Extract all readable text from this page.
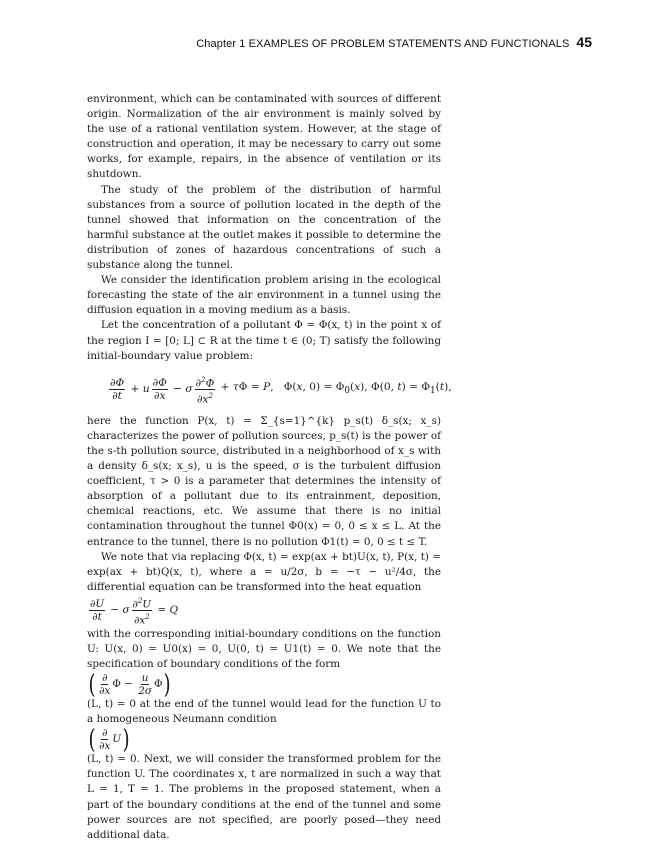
Chapter 1 EXAMPLES OF PROBLEM STATEMENTS AND FUNCTIONALS 45

environment, which can be contaminated with sources of different origin. Normalization of the air environment is mainly solved by the use of a rational ventilation system. However, at the stage of construction and operation, it may be necessary to carry out some works, for example, repairs, in the absence of ventilation or its shutdown.

The study of the problem of the distribution of harmful substances from a source of pollution located in the depth of the tunnel showed that information on the concentration of the harmful substance at the outlet makes it possible to determine the distribution of zones of hazardous concentrations of such a substance along the tunnel.

We consider the identification problem arising in the ecological forecasting the state of the air environment in a tunnel using the diffusion equation in a moving medium as a basis.

Let the concentration of a pollutant Φ = Φ(x, t) in the point x of the region I = [0; L] ⊂ R at the time t ∈ (0; T) satisfy the following initial-boundary value problem:

$\frac{\partial\Phi}{\partial t} + u \frac{\partial\Phi}{\partial x} - \sigma \frac{\partial^2\Phi}{\partial x^2} + \tau\Phi = P$,   Φ(x, $0) = \Phi_0(x)$, Φ(0, $t) = \Phi_1(t)$,

here the function P(x, t) = Σ_{s=1}^{k} p_s(t) δ_s(x; x_s) characterizes the power of pollution sources, p_s(t) is the power of the s-th pollution source, distributed in a neighborhood of x_s with a density δ_s(x; x_s), u is the speed, σ is the turbulent diffusion coefficient, τ > 0 is a parameter that determines the intensity of absorption of a pollutant due to its entrainment, deposition, chemical reactions, etc. We assume that there is no initial contamination throughout the tunnel Φ0(x) = 0, 0 ≤ x ≤ L. At the entrance to the tunnel, there is no pollution Φ1(t) = 0, 0 ≤ t ≤ T.

We note that via replacing Φ(x, t) = exp(ax + bt)U(x, t), P(x, t) = exp(ax + bt)Q(x, t), where a = u/2σ, b = −τ − u²/4σ, the differential equation can be transformed into the heat equation

$\frac{\partial U}{\partial t} - \sigma \frac{\partial^2U}{\partial x^2} = Q$

with the corresponding initial-boundary conditions on the function U: U(x, 0) = U0(x) = 0, U(0, t) = U1(t) = 0. We note that the specification of boundary conditions of the form

( $\frac{\partial}{\partial x}$ $\Phi - \frac{u}{2\sigma}$ Φ )

(L, t) = 0 at the end of the tunnel would lead for the function U to a homogeneous Neumann condition

( $\frac{\partial}{\partial x}$ U )

(L, t) = 0. Next, we will consider the transformed problem for the function U. The coordinates x, t are normalized in such a way that L = 1, T = 1. The problems in the proposed statement, when a part of the boundary conditions at the end of the tunnel and some power sources are not specified, are poorly posed—they need additional data.
